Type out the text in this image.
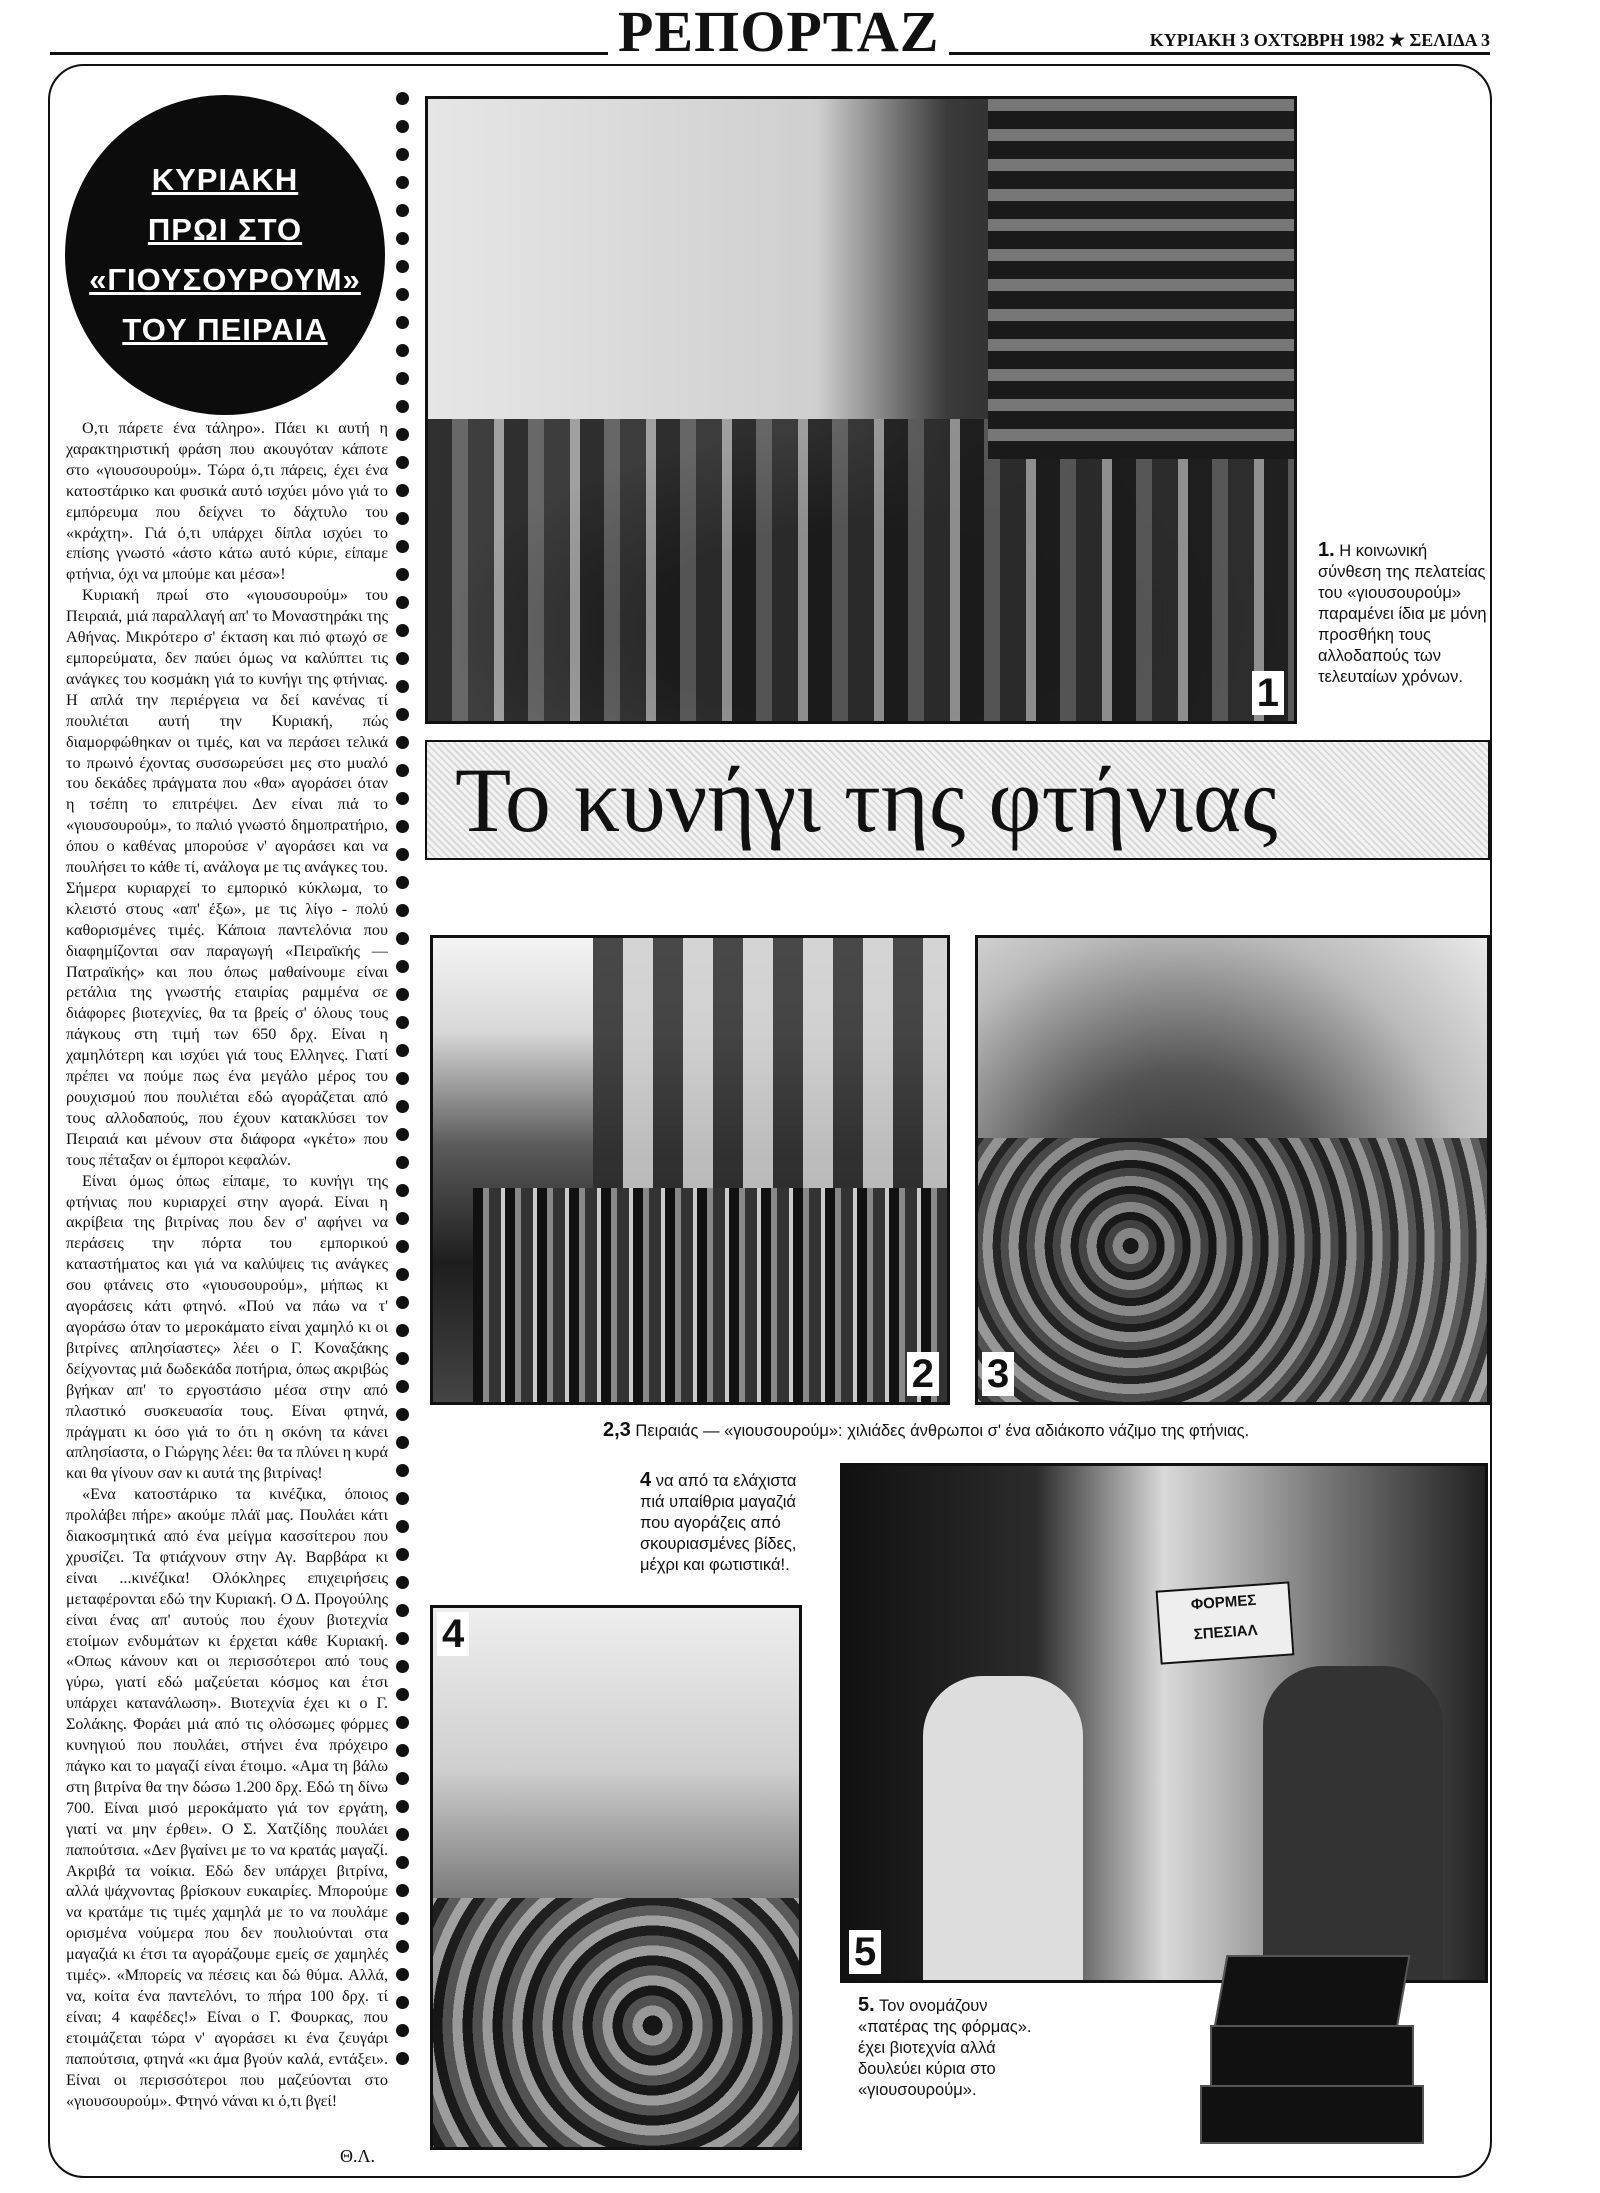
ΡΕΠΟΡΤΑΖ	ΚΥΡΙΑΚΗ 3 ΟΧΤΩΒΡΗ 1982 ★ ΣΕΛΙΔΑ 3
ΚΥΡΙΑΚΗ
ΠΡΩΙ ΣΤΟ
«ΓΙΟΥΣΟΥΡΟΥΜ»
ΤΟΥ ΠΕΙΡΑΙΑ

Ο,τι πάρετε ένα τάληρο». Πάει κι αυτή η χαρακτηριστική φράση που ακουγόταν κάποτε στο «γιουσουρούμ». Τώρα ό,τι πάρεις, έχει ένα κατοστάρικο και φυσικά αυτό ισχύει μόνο γιά το εμπόρευμα που δείχνει το δάχτυλο του «κράχτη». Γιά ό,τι υπάρχει δίπλα ισχύει το επίσης γνωστό «άστο κάτω αυτό κύριε, είπαμε φτήνια, όχι να μπούμε και μέσα»!

Κυριακή πρωί στο «γιουσουρούμ» του Πειραιά, μιά παραλλαγή απ' το Μοναστηράκι της Αθήνας. Μικρότερο σ' έκταση και πιό φτωχό σε εμπορεύματα, δεν παύει όμως να καλύπτει τις ανάγκες του κοσμάκη γιά το κυνήγι της φτήνιας. Η απλά την περιέργεια να δεί κανένας τί πουλιέται αυτή την Κυριακή, πώς διαμορφώθηκαν οι τιμές, και να περάσει τελικά το πρωινό έχοντας συσσωρεύσει μες στο μυαλό του δεκάδες πράγματα που «θα» αγοράσει όταν η τσέπη το επιτρέψει. Δεν είναι πιά το «γιουσουρούμ», το παλιό γνωστό δημοπρατήριο, όπου ο καθένας μπορούσε ν' αγοράσει και να πουλήσει το κάθε τί, ανάλογα με τις ανάγκες του. Σήμερα κυριαρχεί το εμπορικό κύκλωμα, το κλειστό στους «απ' έξω», με τις λίγο - πολύ καθορισμένες τιμές. Κάποια παντελόνια που διαφημίζονται σαν παραγωγή «Πειραϊκής — Πατραϊκής» και που όπως μαθαίνουμε είναι ρετάλια της γνωστής εταιρίας ραμμένα σε διάφορες βιοτεχνίες, θα τα βρείς σ' όλους τους πάγκους στη τιμή των 650 δρχ. Είναι η χαμηλότερη και ισχύει γιά τους Ελληνες. Γιατί πρέπει να πούμε πως ένα μεγάλο μέρος του ρουχισμού που πουλιέται εδώ αγοράζεται από τους αλλοδαπούς, που έχουν κατακλύσει τον Πειραιά και μένουν στα διάφορα «γκέτο» που τους πέταξαν οι έμποροι κεφαλών.

Είναι όμως όπως είπαμε, το κυνήγι της φτήνιας που κυριαρχεί στην αγορά. Είναι η ακρίβεια της βιτρίνας που δεν σ' αφήνει να περάσεις την πόρτα του εμπορικού καταστήματος και γιά να καλύψεις τις ανάγκες σου φτάνεις στο «γιουσουρούμ», μήπως κι αγοράσεις κάτι φτηνό. «Πού να πάω να τ' αγοράσω όταν το μεροκάματο είναι χαμηλό κι οι βιτρίνες απλησίαστες» λέει ο Γ. Κοναξάκης δείχνοντας μιά δωδεκάδα ποτήρια, όπως ακριβώς βγήκαν απ' το εργοστάσιο μέσα στην από πλαστικό συσκευασία τους. Είναι φτηνά, πράγματι κι όσο γιά το ότι η σκόνη τα κάνει απλησίαστα, ο Γιώργης λέει: θα τα πλύνει η κυρά και θα γίνουν σαν κι αυτά της βιτρίνας!

«Ενα κατοστάρικο τα κινέζικα, όποιος προλάβει πήρε» ακούμε πλάϊ μας. Πουλάει κάτι διακοσμητικά από ένα μείγμα κασσίτερου που χρυσίζει. Τα φτιάχνουν στην Αγ. Βαρβάρα κι είναι ...κινέζικα! Ολόκληρες επιχειρήσεις μεταφέρονται εδώ την Κυριακή. Ο Δ. Προγούλης είναι ένας απ' αυτούς που έχουν βιοτεχνία ετοίμων ενδυμάτων κι έρχεται κάθε Κυριακή. «Οπως κάνουν και οι περισσότεροι από τους γύρω, γιατί εδώ μαζεύεται κόσμος και έτσι υπάρχει κατανάλωση». Βιοτεχνία έχει κι ο Γ. Σολάκης. Φοράει μιά από τις ολόσωμες φόρμες κυνηγιού που πουλάει, στήνει ένα πρόχειρο πάγκο και το μαγαζί είναι έτοιμο. «Αμα τη βάλω στη βιτρίνα θα την δώσω 1.200 δρχ. Εδώ τη δίνω 700. Είναι μισό μεροκάματο γιά τον εργάτη, γιατί να μην έρθει». Ο Σ. Χατζίδης πουλάει παπούτσια. «Δεν βγαίνει με το να κρατάς μαγαζί. Ακριβά τα νοίκια. Εδώ δεν υπάρχει βιτρίνα, αλλά ψάχνοντας βρίσκουν ευκαιρίες. Μπορούμε να κρατάμε τις τιμές χαμηλά με το να πουλάμε ορισμένα νούμερα που δεν πουλιούνται στα μαγαζιά κι έτσι τα αγοράζουμε εμείς σε χαμηλές τιμές». «Μπορείς να πέσεις και δώ θύμα. Αλλά, να, κοίτα ένα παντελόνι, το πήρα 100 δρχ. τί είναι; 4 καφέδες!» Είναι ο Γ. Φουρκας, που ετοιμάζεται τώρα ν' αγοράσει κι ένα ζευγάρι παπούτσια, φτηνά «κι άμα βγούν καλά, εντάξει». Είναι οι περισσότεροι που μαζεύονται στο «γιουσουρούμ». Φτηνό νάναι κι ό,τι βγεί!

Θ.Λ.
1
1. Η κοινωνική σύνθεση της πελατείας του «γιουσουρούμ» παραμένει ίδια με μόνη προσθήκη τους αλλοδαπούς των τελευταίων χρόνων.
Το κυνήγι της φτήνιας
2 3
2,3 Πειραιάς — «γιουσουρούμ»: χιλιάδες άνθρωποι σ' ένα αδιάκοπο νάζιμο της φτήνιας.
4 να από τα ελάχιστα πιά υπαίθρια μαγαζιά που αγοράζεις από σκουριασμένες βίδες, μέχρι και φωτιστικά!.
4
ΦΟΡΜΕΣ ΣΠΕΣΙΑΛ
5
5. Τον ονομάζουν «πατέρας της φόρμας». έχει βιοτεχνία αλλά δουλεύει κύρια στο «γιουσουρούμ».
